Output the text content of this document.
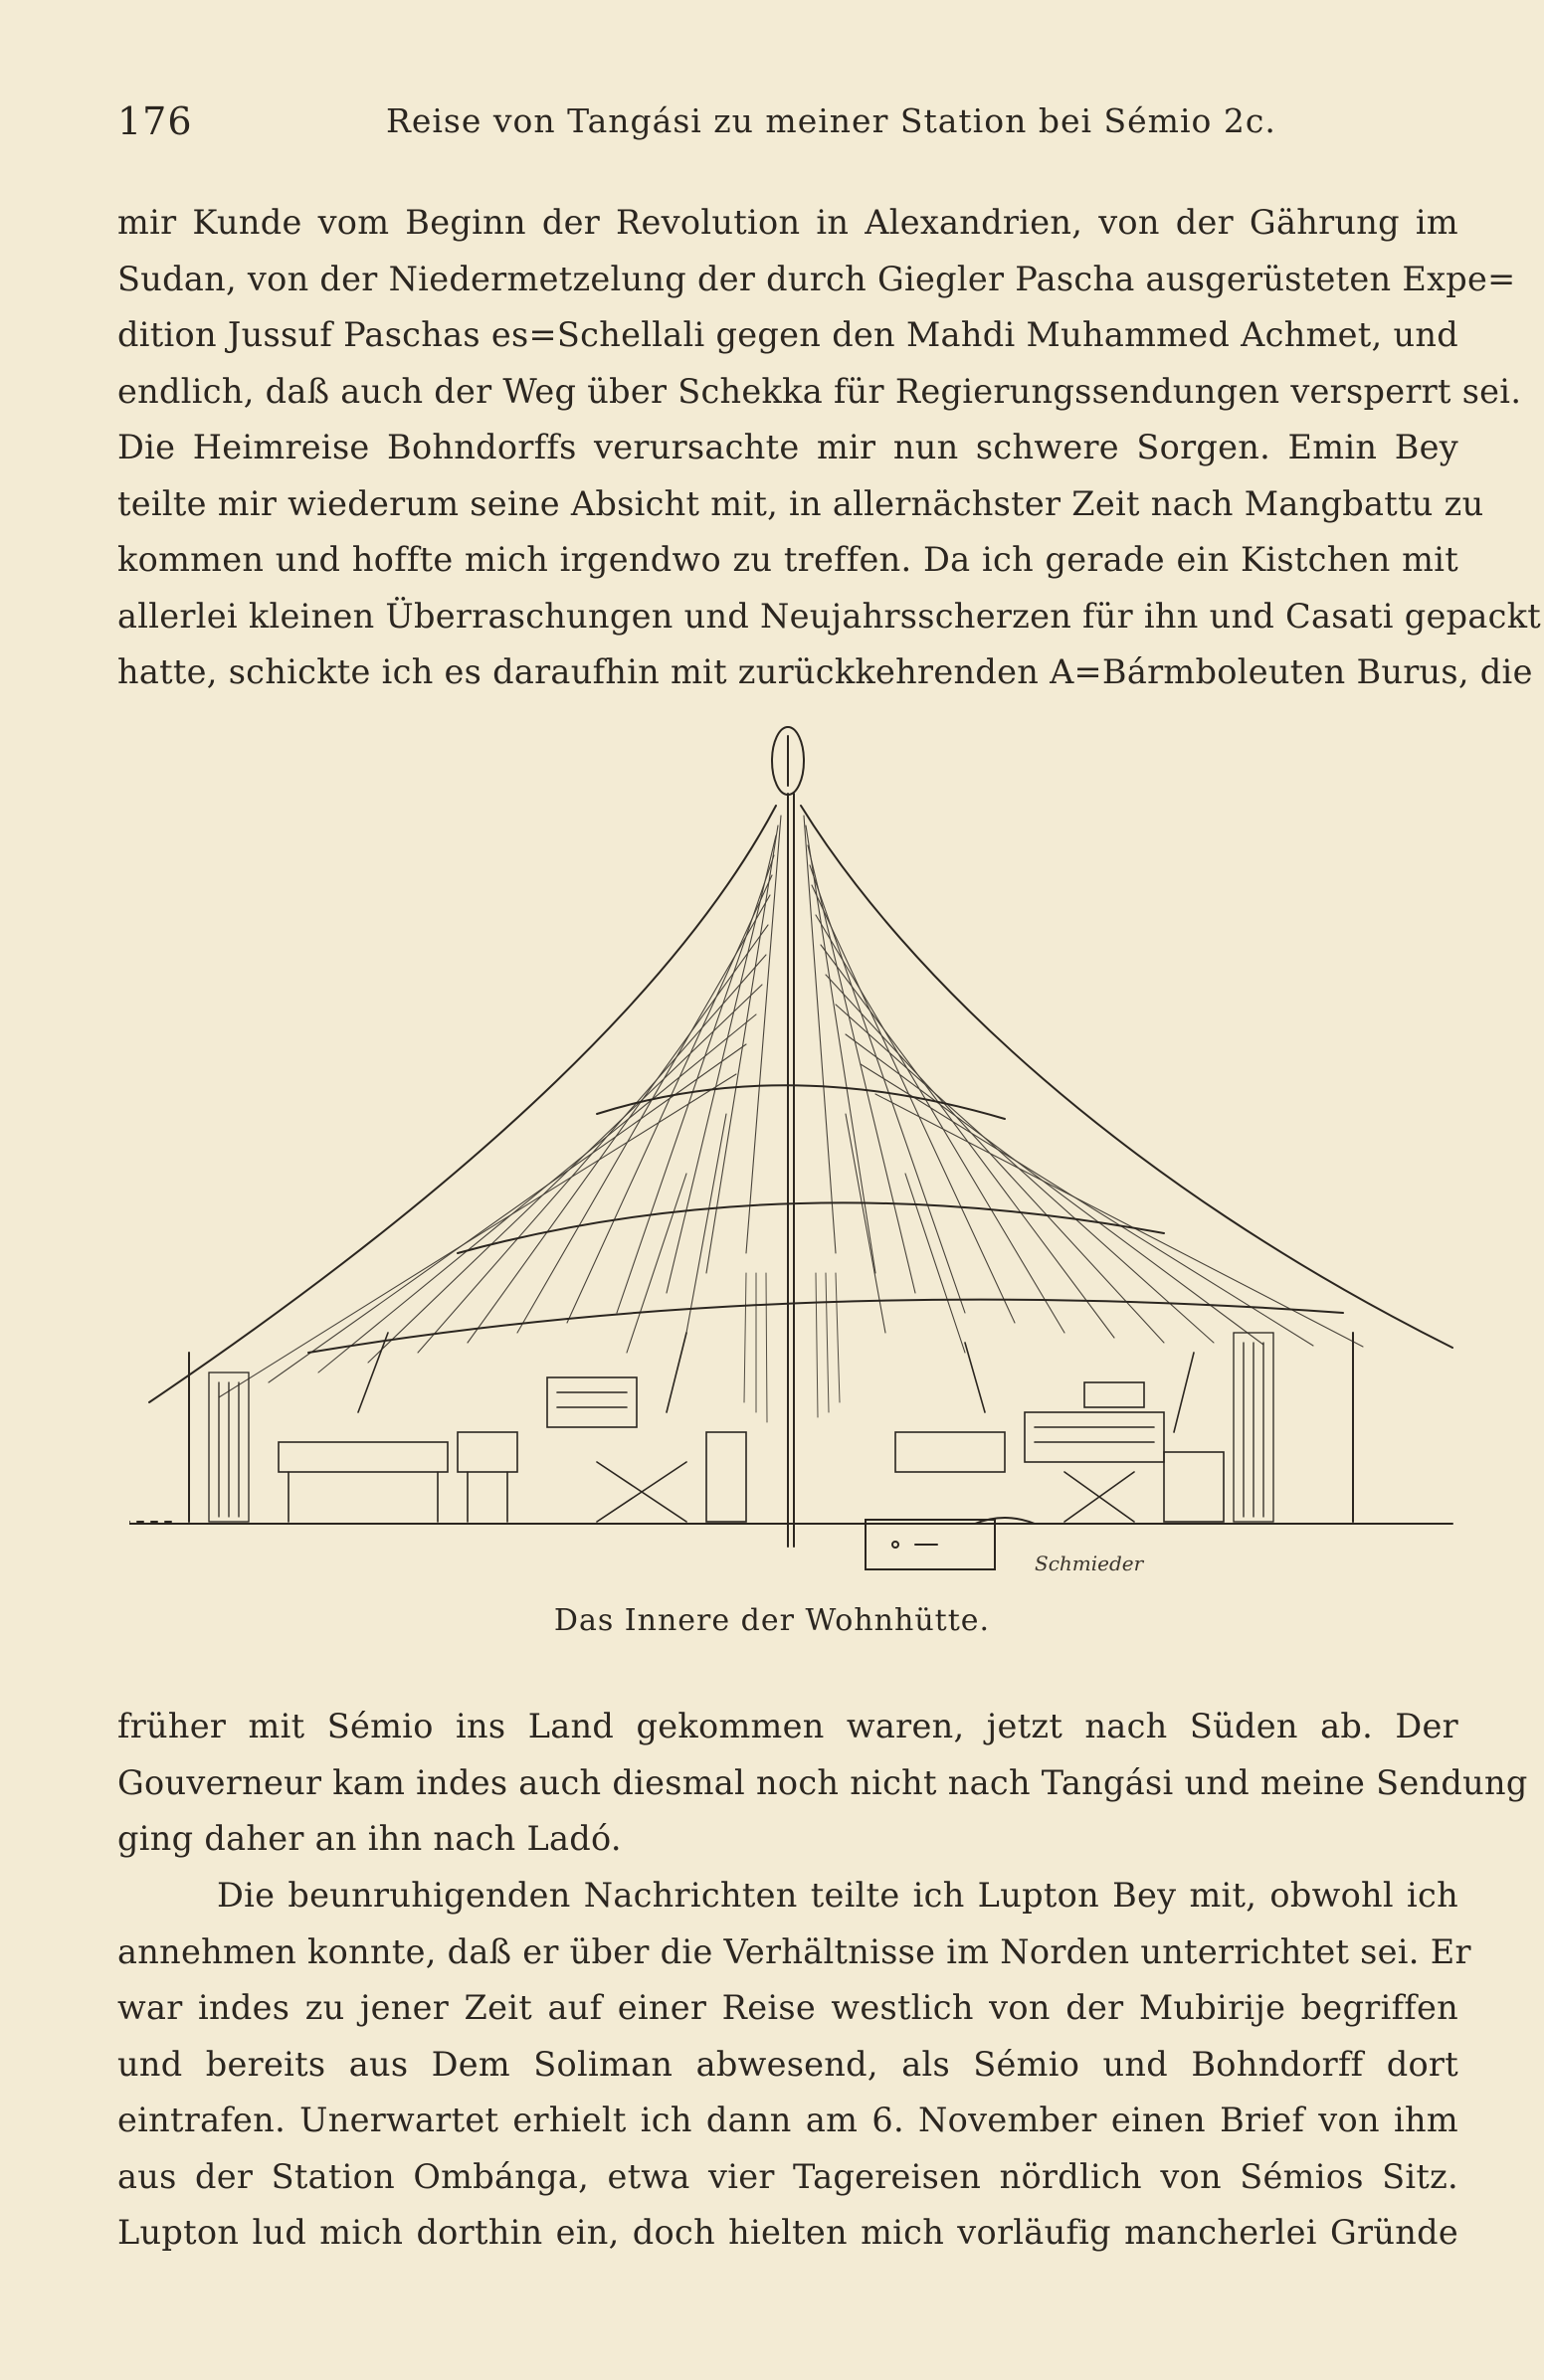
176	Reise von Tangási zu meiner Station bei Sémio 2c.
mir Kunde vom Beginn der Revolution in Alexandrien, von der Gährung im
Sudan, von der Niedermetzelung der durch Giegler Pascha ausgerüsteten Expe=
dition Jussuf Paschas es=Schellali gegen den Mahdi Muhammed Achmet, und
endlich, daß auch der Weg über Schekka für Regierungssendungen versperrt sei.
Die Heimreise Bohndorffs verursachte mir nun schwere Sorgen. Emin Bey
teilte mir wiederum seine Absicht mit, in allernächster Zeit nach Mangbattu zu
kommen und hoffte mich irgendwo zu treffen. Da ich gerade ein Kistchen mit
allerlei kleinen Überraschungen und Neujahrsscherzen für ihn und Casati gepackt
hatte, schickte ich es daraufhin mit zurückkehrenden A=Bármboleuten Burus, die
Schmieder
Das Innere der Wohnhütte.
früher mit Sémio ins Land gekommen waren, jetzt nach Süden ab. Der
Gouverneur kam indes auch diesmal noch nicht nach Tangási und meine Sendung
ging daher an ihn nach Ladó.
Die beunruhigenden Nachrichten teilte ich Lupton Bey mit, obwohl ich
annehmen konnte, daß er über die Verhältnisse im Norden unterrichtet sei. Er
war indes zu jener Zeit auf einer Reise westlich von der Mubirije begriffen
und bereits aus Dem Soliman abwesend, als Sémio und Bohndorff dort
eintrafen. Unerwartet erhielt ich dann am 6. November einen Brief von ihm
aus der Station Ombánga, etwa vier Tagereisen nördlich von Sémios Sitz.
Lupton lud mich dorthin ein, doch hielten mich vorläufig mancherlei Gründe
